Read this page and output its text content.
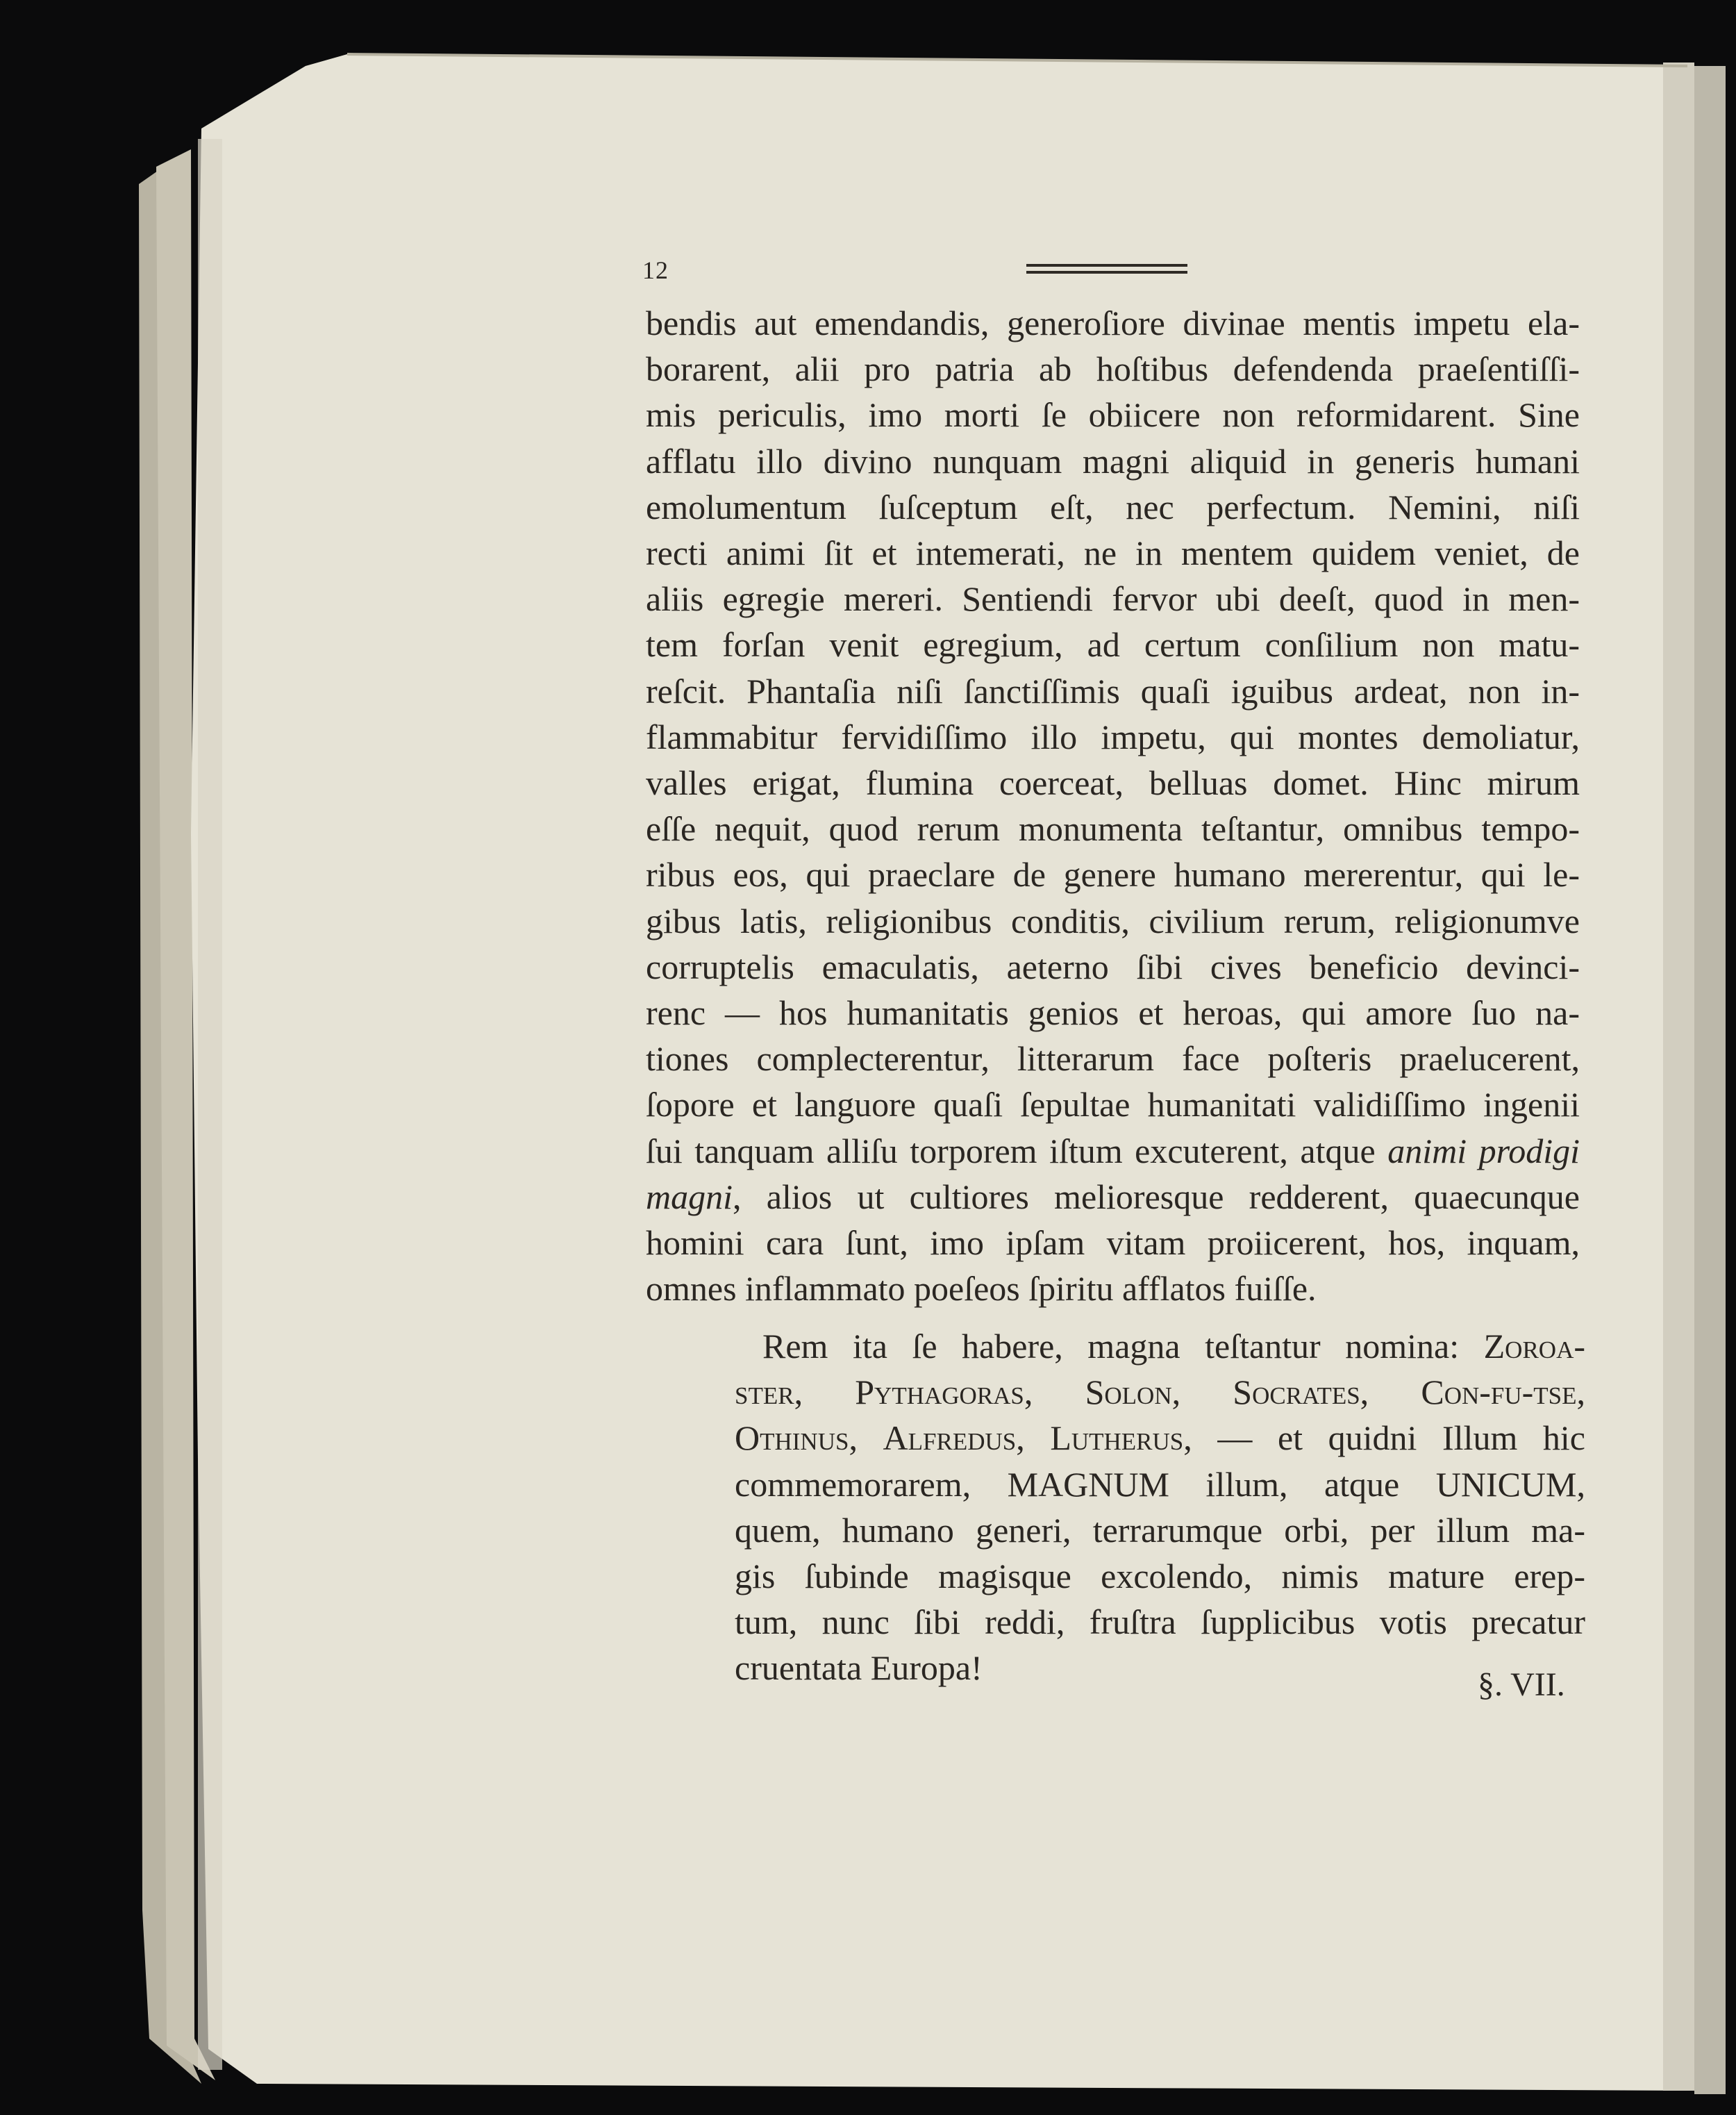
12
bendis aut emendandis, generoſiore divinae mentis impetu ela-
borarent, alii pro patria ab hoſtibus defendenda praeſentiſſi-
mis periculis, imo morti ſe obiicere non reformidarent. Sine
afflatu illo divino nunquam magni aliquid in generis humani
emolumentum ſuſceptum eſt, nec perfectum. Nemini, niſi
recti animi ſit et intemerati, ne in mentem quidem veniet, de
aliis egregie mereri. Sentiendi fervor ubi deeſt, quod in men-
tem forſan venit egregium, ad certum conſilium non matu-
reſcit. Phantaſia niſi ſanctiſſimis quaſi iguibus ardeat, non in-
flammabitur fervidiſſimo illo impetu, qui montes demoliatur,
valles erigat, flumina coerceat, belluas domet. Hinc mirum
eſſe nequit, quod rerum monumenta teſtantur, omnibus tempo-
ribus eos, qui praeclare de genere humano mererentur, qui le-
gibus latis, religionibus conditis, civilium rerum, religionumve
corruptelis emaculatis, aeterno ſibi cives beneficio devinci-
renc — hos humanitatis genios et heroas, qui amore ſuo na-
tiones complecterentur, litterarum face poſteris praelucerent,
ſopore et languore quaſi ſepultae humanitati validiſſimo ingenii
ſui tanquam alliſu torporem iſtum excuterent, atque animi prodigi
magni, alios ut cultiores melioresque redderent, quaecunque
homini cara ſunt, imo ipſam vitam proiicerent, hos, inquam,
omnes inflammato poeſeos ſpiritu afflatos fuiſſe.
Rem ita ſe habere, magna teſtantur nomina: Zoroa-
ster, Pythagoras, Solon, Socrates, Con-fu-tse,
Othinus, Alfredus, Lutherus, — et quidni Illum hic
commemorarem, MAGNUM illum, atque UNICUM,
quem, humano generi, terrarumque orbi, per illum ma-
gis ſubinde magisque excolendo, nimis mature erep-
tum, nunc ſibi reddi, fruſtra ſupplicibus votis precatur
cruentata Europa!	§. VII.
